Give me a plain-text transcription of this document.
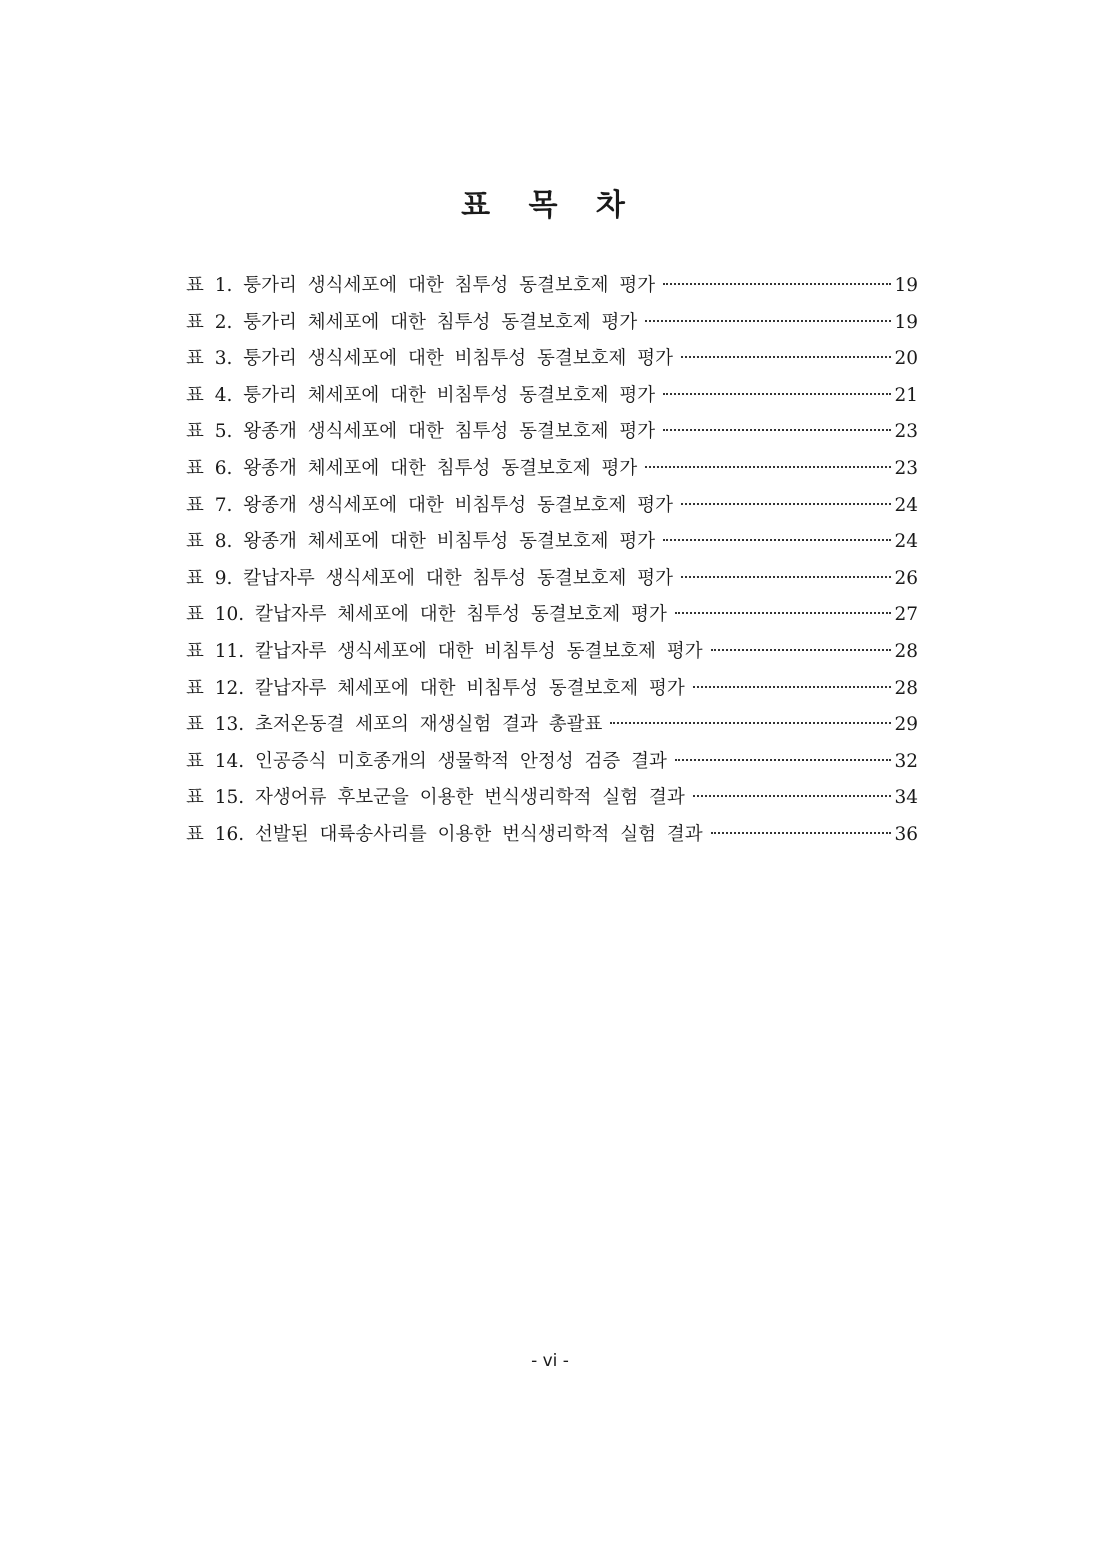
표 목 차
표 1. 퉁가리 생식세포에 대한 침투성 동결보호제 평가	19
표 2. 퉁가리 체세포에 대한 침투성 동결보호제 평가	19
표 3. 퉁가리 생식세포에 대한 비침투성 동결보호제 평가	20
표 4. 퉁가리 체세포에 대한 비침투성 동결보호제 평가	21
표 5. 왕종개 생식세포에 대한 침투성 동결보호제 평가	23
표 6. 왕종개 체세포에 대한 침투성 동결보호제 평가	23
표 7. 왕종개 생식세포에 대한 비침투성 동결보호제 평가	24
표 8. 왕종개 체세포에 대한 비침투성 동결보호제 평가	24
표 9. 칼납자루 생식세포에 대한 침투성 동결보호제 평가	26
표 10. 칼납자루 체세포에 대한 침투성 동결보호제 평가	27
표 11. 칼납자루 생식세포에 대한 비침투성 동결보호제 평가	28
표 12. 칼납자루 체세포에 대한 비침투성 동결보호제 평가	28
표 13. 초저온동결 세포의 재생실험 결과 총괄표	29
표 14. 인공증식 미호종개의 생물학적 안정성 검증 결과	32
표 15. 자생어류 후보군을 이용한 번식생리학적 실험 결과	34
표 16. 선발된 대륙송사리를 이용한 번식생리학적 실험 결과	36
- vi -
